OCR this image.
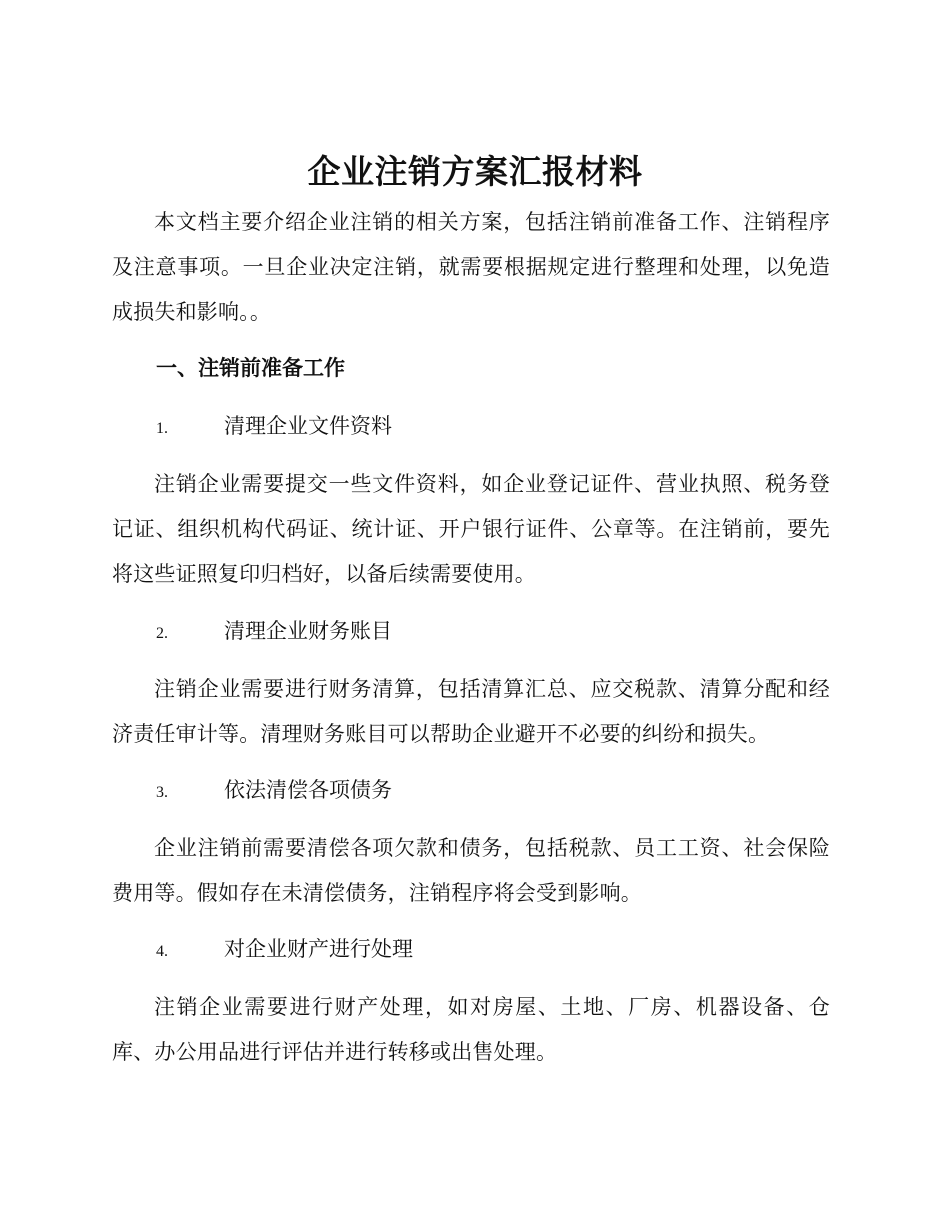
企业注销方案汇报材料
本文档主要介绍企业注销的相关方案，包括注销前准备工作、注销程序及注意事项。一旦企业决定注销，就需要根据规定进行整理和处理，以免造成损失和影响。。
一、注销前准备工作
1.	清理企业文件资料
注销企业需要提交一些文件资料，如企业登记证件、营业执照、税务登记证、组织机构代码证、统计证、开户银行证件、公章等。在注销前，要先将这些证照复印归档好，以备后续需要使用。
2.	清理企业财务账目
注销企业需要进行财务清算，包括清算汇总、应交税款、清算分配和经济责任审计等。清理财务账目可以帮助企业避开不必要的纠纷和损失。
3.	依法清偿各项债务
企业注销前需要清偿各项欠款和债务，包括税款、员工工资、社会保险费用等。假如存在未清偿债务，注销程序将会受到影响。
4.	对企业财产进行处理
注销企业需要进行财产处理，如对房屋、土地、厂房、机器设备、仓库、办公用品进行评估并进行转移或出售处理。
